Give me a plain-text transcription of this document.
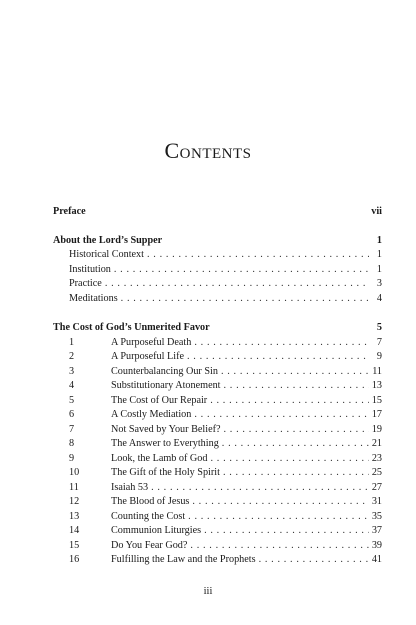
Contents
Preface	vii
About the Lord’s Supper	1
Historical Context . . .	1
Institution . . .	1
Practice . . .	3
Meditations . . .	4
The Cost of God’s Unmerited Favor	5
1	A Purposeful Death . . .	7
2	A Purposeful Life . . .	9
3	Counterbalancing Our Sin . . .	11
4	Substitutionary Atonement . . .	13
5	The Cost of Our Repair . . .	15
6	A Costly Mediation . . .	17
7	Not Saved by Your Belief? . . .	19
8	The Answer to Everything . . .	21
9	Look, the Lamb of God . . .	23
10	The Gift of the Holy Spirit . . .	25
11	Isaiah 53 . . .	27
12	The Blood of Jesus . . .	31
13	Counting the Cost . . .	35
14	Communion Liturgies . . .	37
15	Do You Fear God? . . .	39
16	Fulfilling the Law and the Prophets . . .	41
iii
